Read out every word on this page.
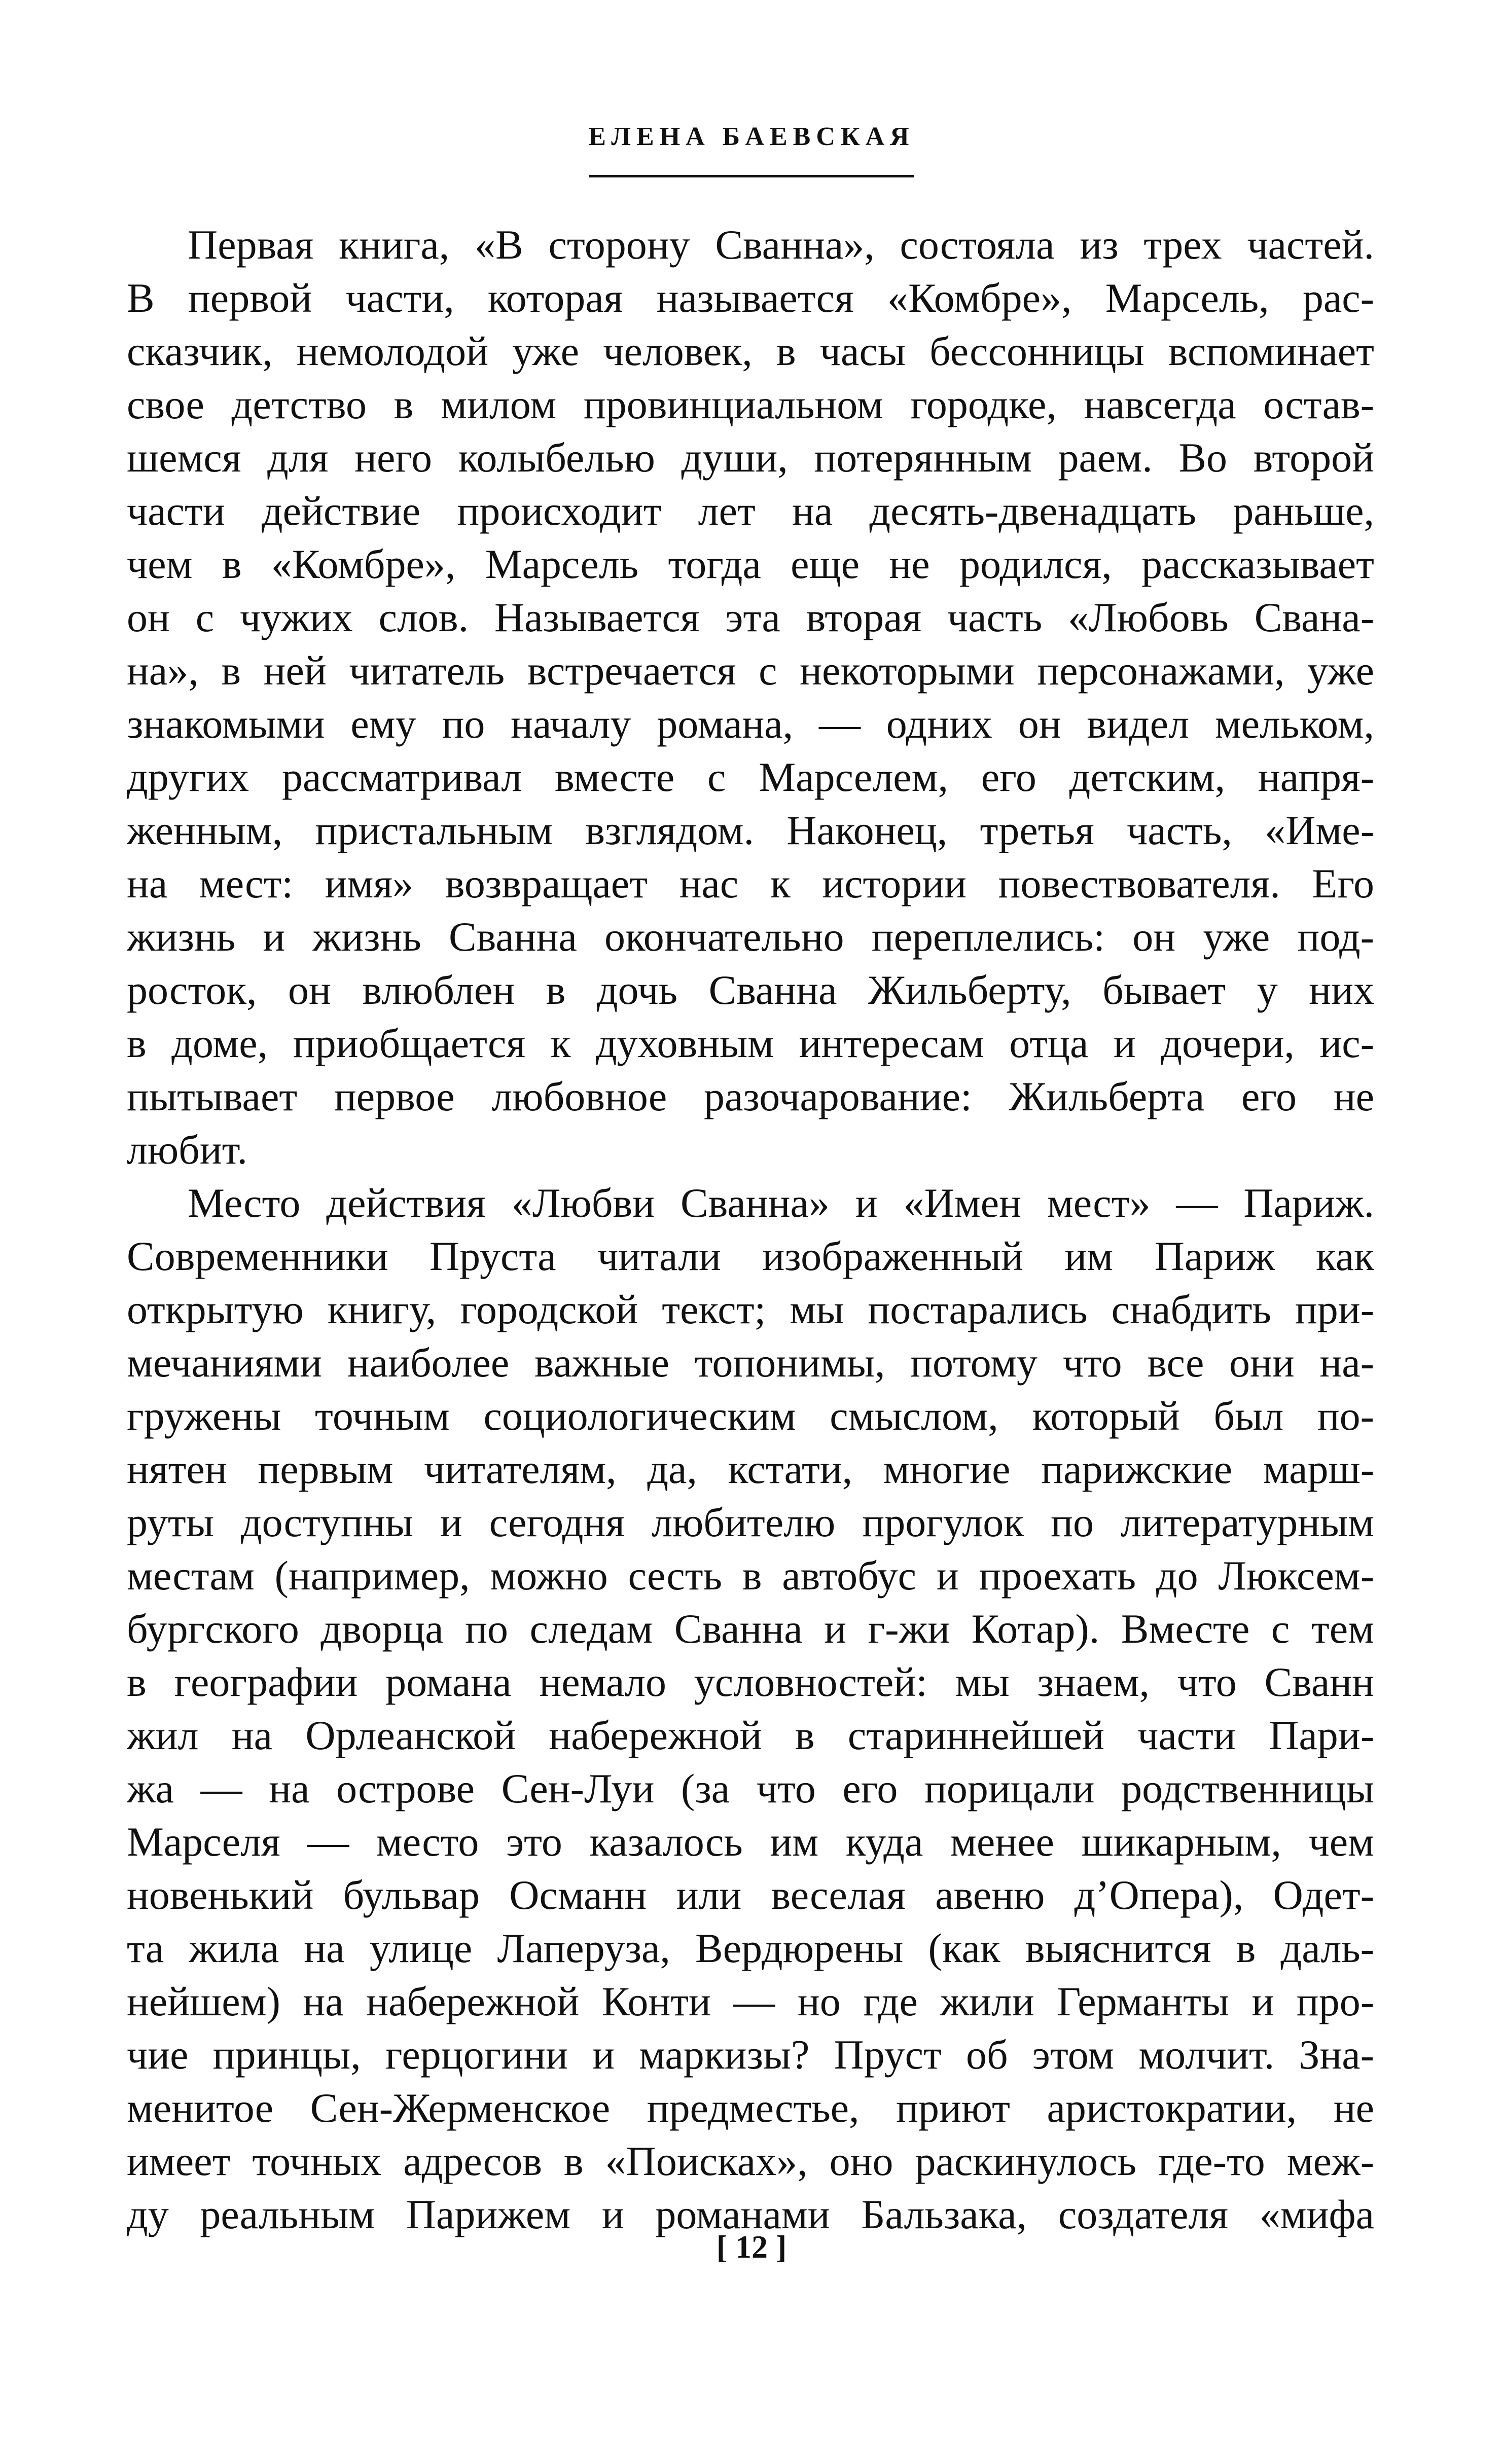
ЕЛЕНА БАЕВСКАЯ
Первая книга, «В сторону Сванна», состояла из трех частей.
В первой части, которая называется «Комбре», Марсель, рас-
сказчик, немолодой уже человек, в часы бессонницы вспоминает
свое детство в милом провинциальном городке, навсегда остав-
шемся для него колыбелью души, потерянным раем. Во второй
части действие происходит лет на десять-двенадцать раньше,
чем в «Комбре», Марсель тогда еще не родился, рассказывает
он с чужих слов. Называется эта вторая часть «Любовь Свана-
на», в ней читатель встречается с некоторыми персонажами, уже
знакомыми ему по началу романа, — одних он видел мельком,
других рассматривал вместе с Марселем, его детским, напря-
женным, пристальным взглядом. Наконец, третья часть, «Име-
на мест: имя» возвращает нас к истории повествователя. Его
жизнь и жизнь Сванна окончательно переплелись: он уже под-
росток, он влюблен в дочь Сванна Жильберту, бывает у них
в доме, приобщается к духовным интересам отца и дочери, ис-
пытывает первое любовное разочарование: Жильберта его не
любит.
Место действия «Любви Сванна» и «Имен мест» — Париж.
Современники Пруста читали изображенный им Париж как
открытую книгу, городской текст; мы постарались снабдить при-
мечаниями наиболее важные топонимы, потому что все они на-
гружены точным социологическим смыслом, который был по-
нятен первым читателям, да, кстати, многие парижские марш-
руты доступны и сегодня любителю прогулок по литературным
местам (например, можно сесть в автобус и проехать до Люксем-
бургского дворца по следам Сванна и г-жи Котар). Вместе с тем
в географии романа немало условностей: мы знаем, что Сванн
жил на Орлеанской набережной в стариннейшей части Пари-
жа — на острове Сен-Луи (за что его порицали родственницы
Марселя — место это казалось им куда менее шикарным, чем
новенький бульвар Османн или веселая авеню д’Опера), Одет-
та жила на улице Лаперуза, Вердюрены (как выяснится в даль-
нейшем) на набережной Конти — но где жили Германты и про-
чие принцы, герцогини и маркизы? Пруст об этом молчит. Зна-
менитое Сен-Жерменское предместье, приют аристократии, не
имеет точных адресов в «Поисках», оно раскинулось где-то меж-
ду реальным Парижем и романами Бальзака, создателя «мифа
[ 12 ]
